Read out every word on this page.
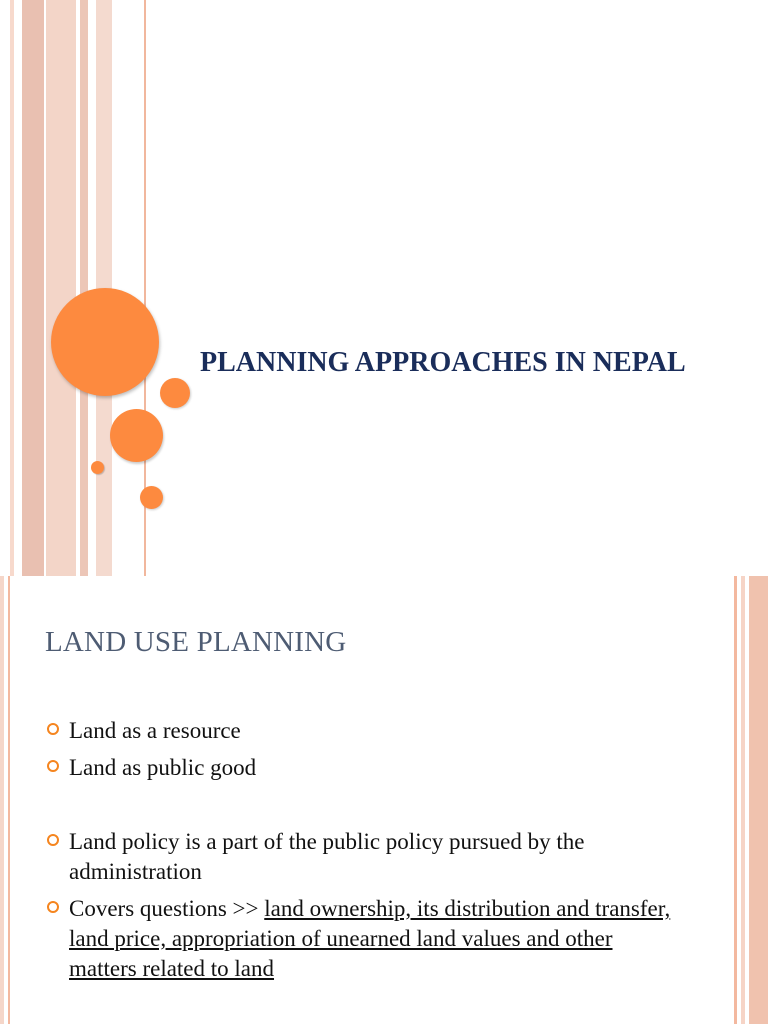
PLANNING APPROACHES IN NEPAL
LAND USE PLANNING
Land as a resource
Land as public good
Land policy is a part of the public policy pursued by the administration
Covers questions >> land ownership, its distribution and transfer, land price, appropriation of unearned land values and other matters related to land
